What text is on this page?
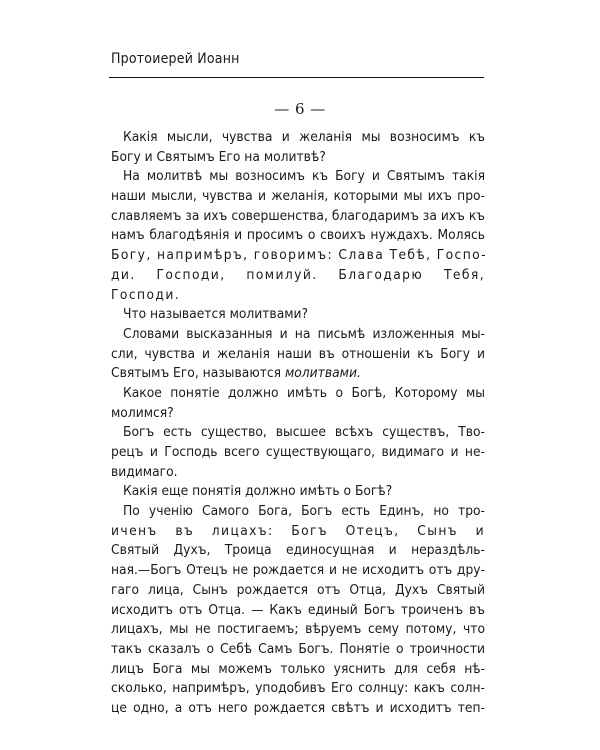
Протоиерей Иоанн
— 6 —
Какія мысли, чувства и желанія мы возносимъ къ
Богу и Святымъ Его на молитвѣ?
На молитвѣ мы возносимъ къ Богу и Святымъ такія
наши мысли, чувства и желанія, которыми мы ихъ про-
славляемъ за ихъ совершенства, благодаримъ за ихъ къ
намъ благодѣянія и просимъ о своихъ нуждахъ. Молясь
Богу, напримѣръ, говоримъ: Слава Тебѣ, Госпо-
ди. Господи, помилуй. Благодарю Тебя,
Господи.
Что называется молитвами?
Словами высказанныя и на письмѣ изложенныя мы-
сли, чувства и желанія наши въ отношеніи къ Богу и
Святымъ Его, называются молитвами.
Какое понятіе должно имѣть о Богѣ, Которому мы
молимся?
Богъ есть существо, высшее всѣхъ существъ, Тво-
рецъ и Господь всего существующаго, видимаго и не-
видимаго.
Какія еще понятія должно имѣть о Богѣ?
По ученію Самого Бога, Богъ есть Единъ, но тро-
иченъ въ лицахъ: Богъ Отецъ, Сынъ и
Святый Духъ, Троица единосущная и нераздѣль-
ная.—Богъ Отецъ не рождается и не исходитъ отъ дру-
гаго лица, Сынъ рождается отъ Отца, Духъ Святый
исходитъ отъ Отца. — Какъ единый Богъ троиченъ въ
лицахъ, мы не постигаемъ; вѣруемъ сему потому, что
такъ сказалъ о Себѣ Самъ Богъ. Понятіе о троичности
лицъ Бога мы можемъ только уяснить для себя нѣ-
сколько, напримѣръ, уподобивъ Его солнцу: какъ солн-
це одно, а отъ него рождается свѣтъ и исходитъ теп-
